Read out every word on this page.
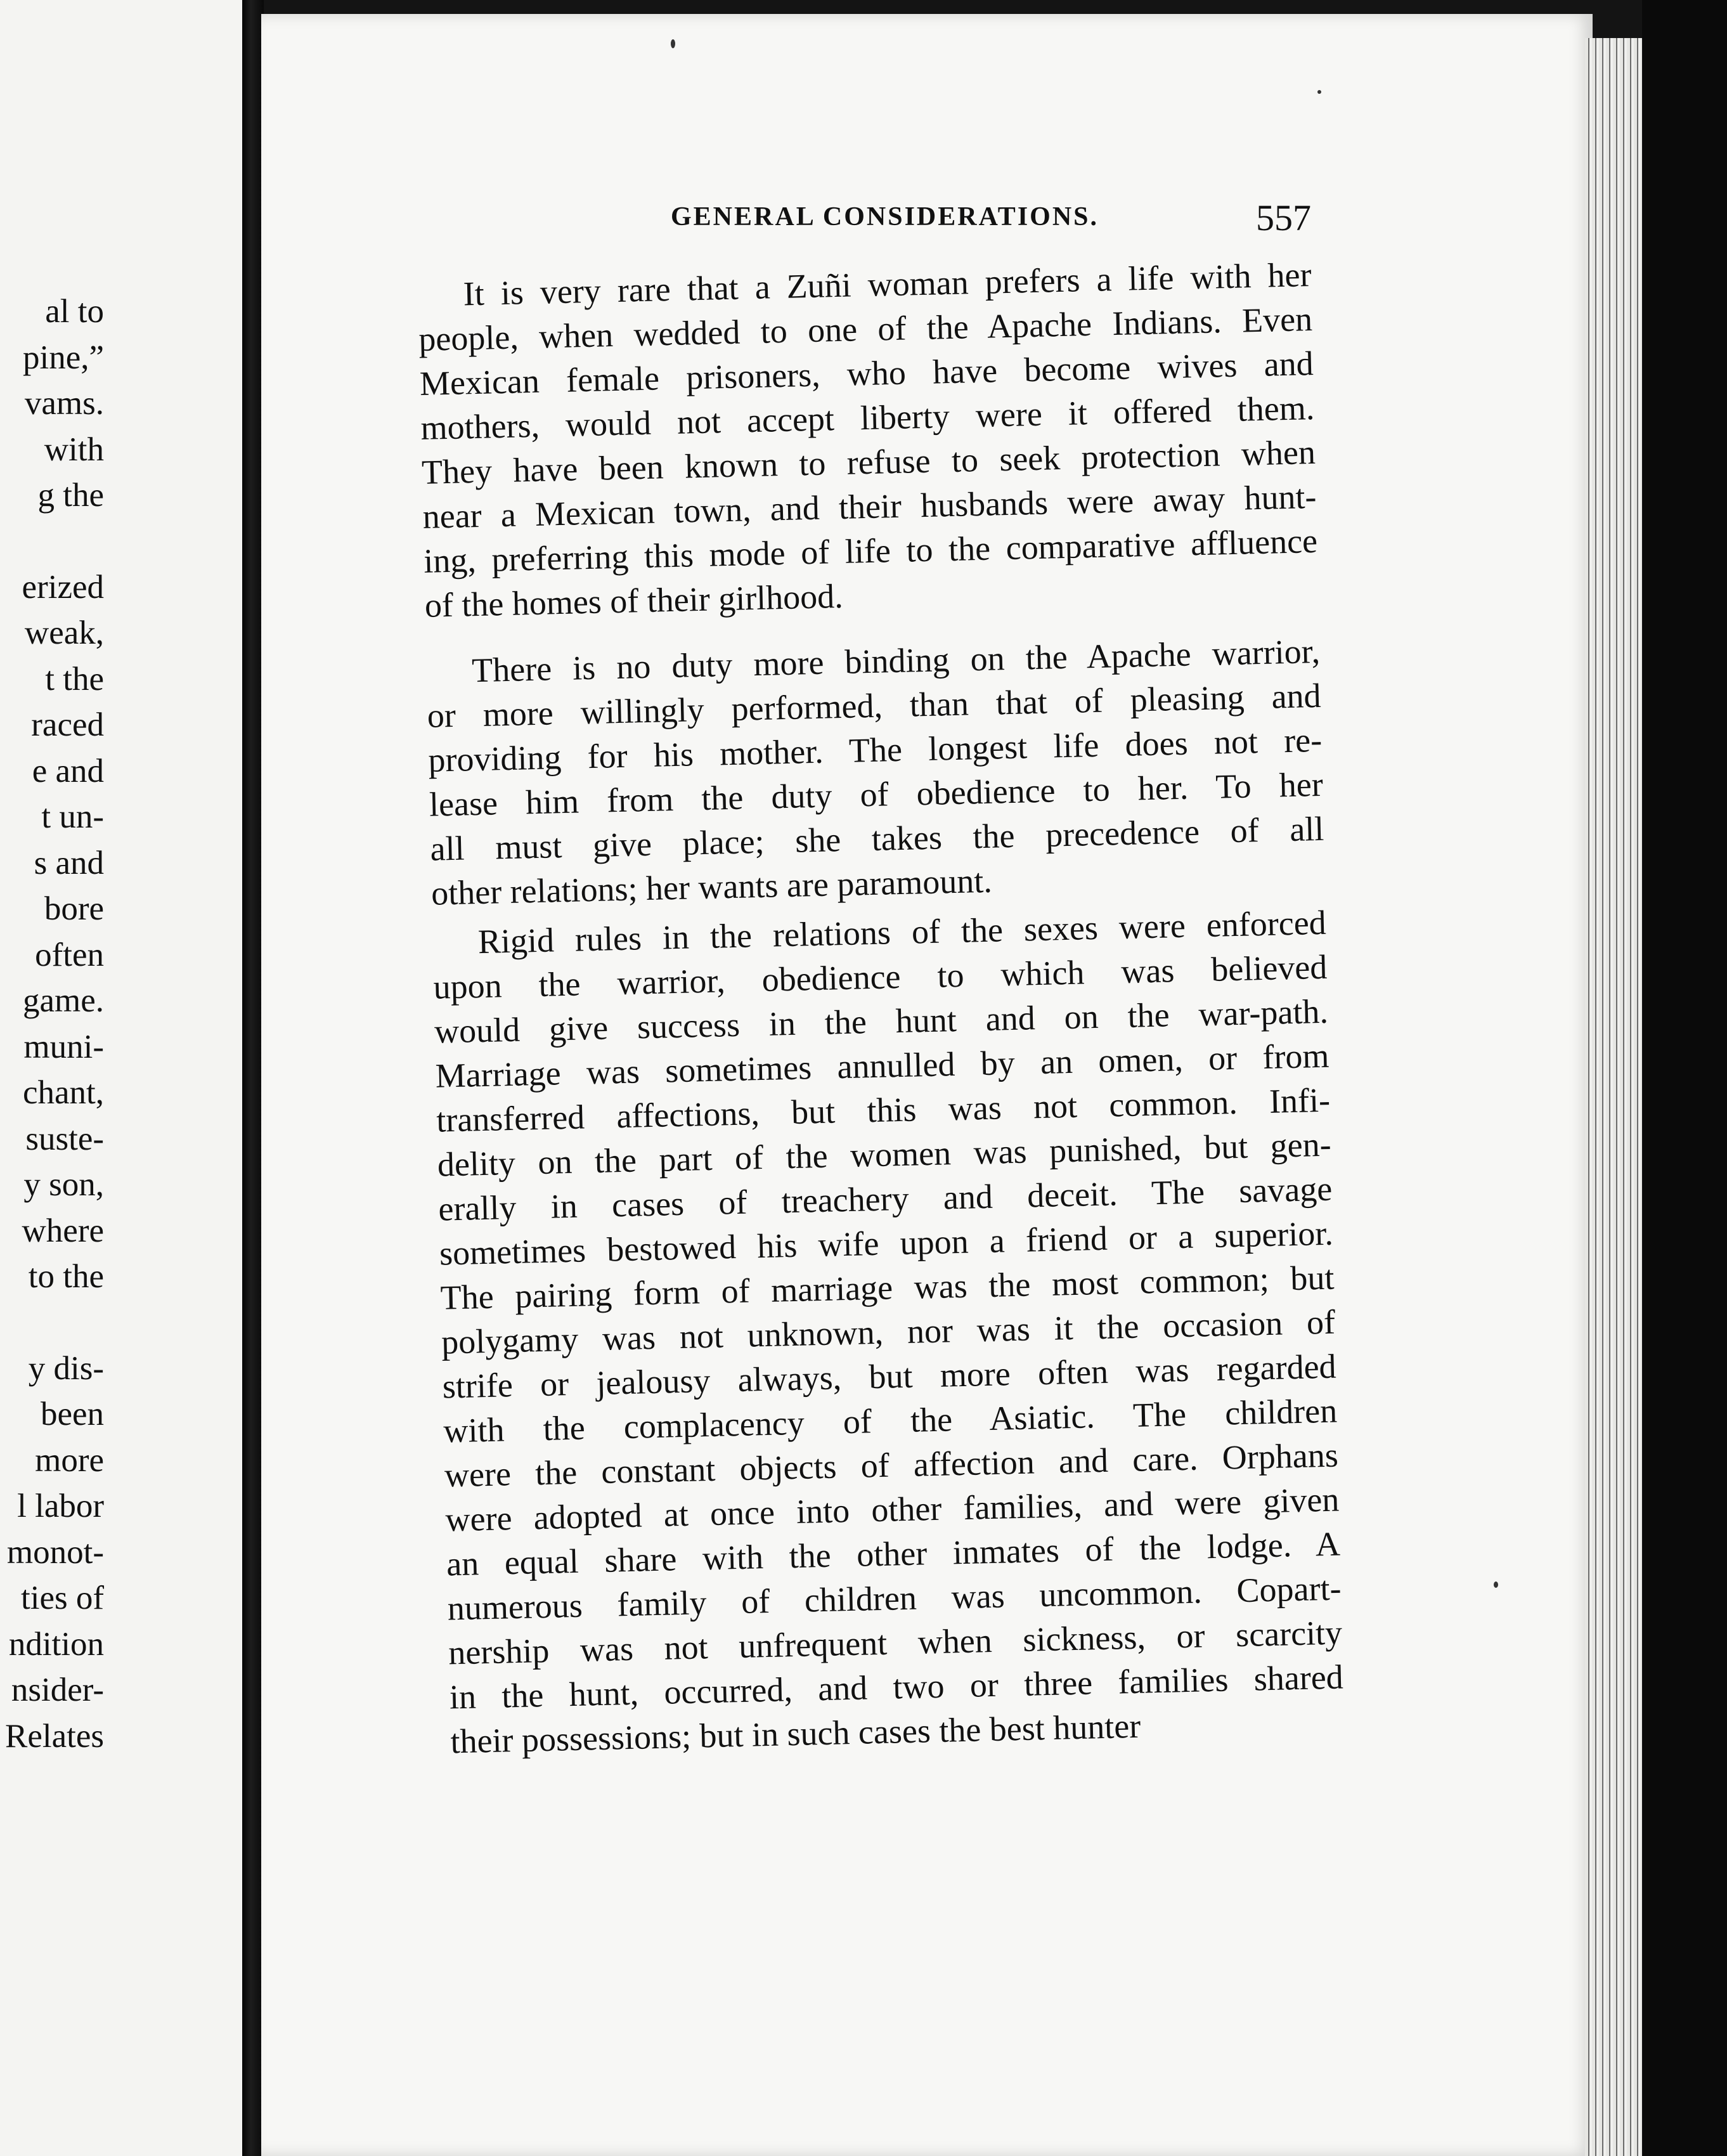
al to
pine,”
vams.
with
g the
erized
weak,
t the
raced
e and
t un-
s and
bore
often
game.
muni-
chant,
suste-
y son,
where
to the
y dis-
been
more
l labor
monot-
ties of
ndition
nsider-
Relates
GENERAL CONSIDERATIONS.	557
It is very rare that a Zuñi woman prefers a life with her
people, when wedded to one of the Apache Indians. Even
Mexican female prisoners, who have become wives and
mothers, would not accept liberty were it offered them.
They have been known to refuse to seek protection when
near a Mexican town, and their husbands were away hunt-
ing, preferring this mode of life to the comparative affluence
of the homes of their girlhood.
There is no duty more binding on the Apache warrior,
or more willingly performed, than that of pleasing and
providing for his mother. The longest life does not re-
lease him from the duty of obedience to her. To her
all must give place; she takes the precedence of all
other relations; her wants are paramount.
Rigid rules in the relations of the sexes were enforced
upon the warrior, obedience to which was believed
would give success in the hunt and on the war-path.
Marriage was sometimes annulled by an omen, or from
transferred affections, but this was not common. Infi-
delity on the part of the women was punished, but gen-
erally in cases of treachery and deceit. The savage
sometimes bestowed his wife upon a friend or a superior.
The pairing form of marriage was the most common; but
polygamy was not unknown, nor was it the occasion of
strife or jealousy always, but more often was regarded
with the complacency of the Asiatic. The children
were the constant objects of affection and care. Orphans
were adopted at once into other families, and were given
an equal share with the other inmates of the lodge. A
numerous family of children was uncommon. Copart-
nership was not unfrequent when sickness, or scarcity
in the hunt, occurred, and two or three families shared
their possessions; but in such cases the best hunter
